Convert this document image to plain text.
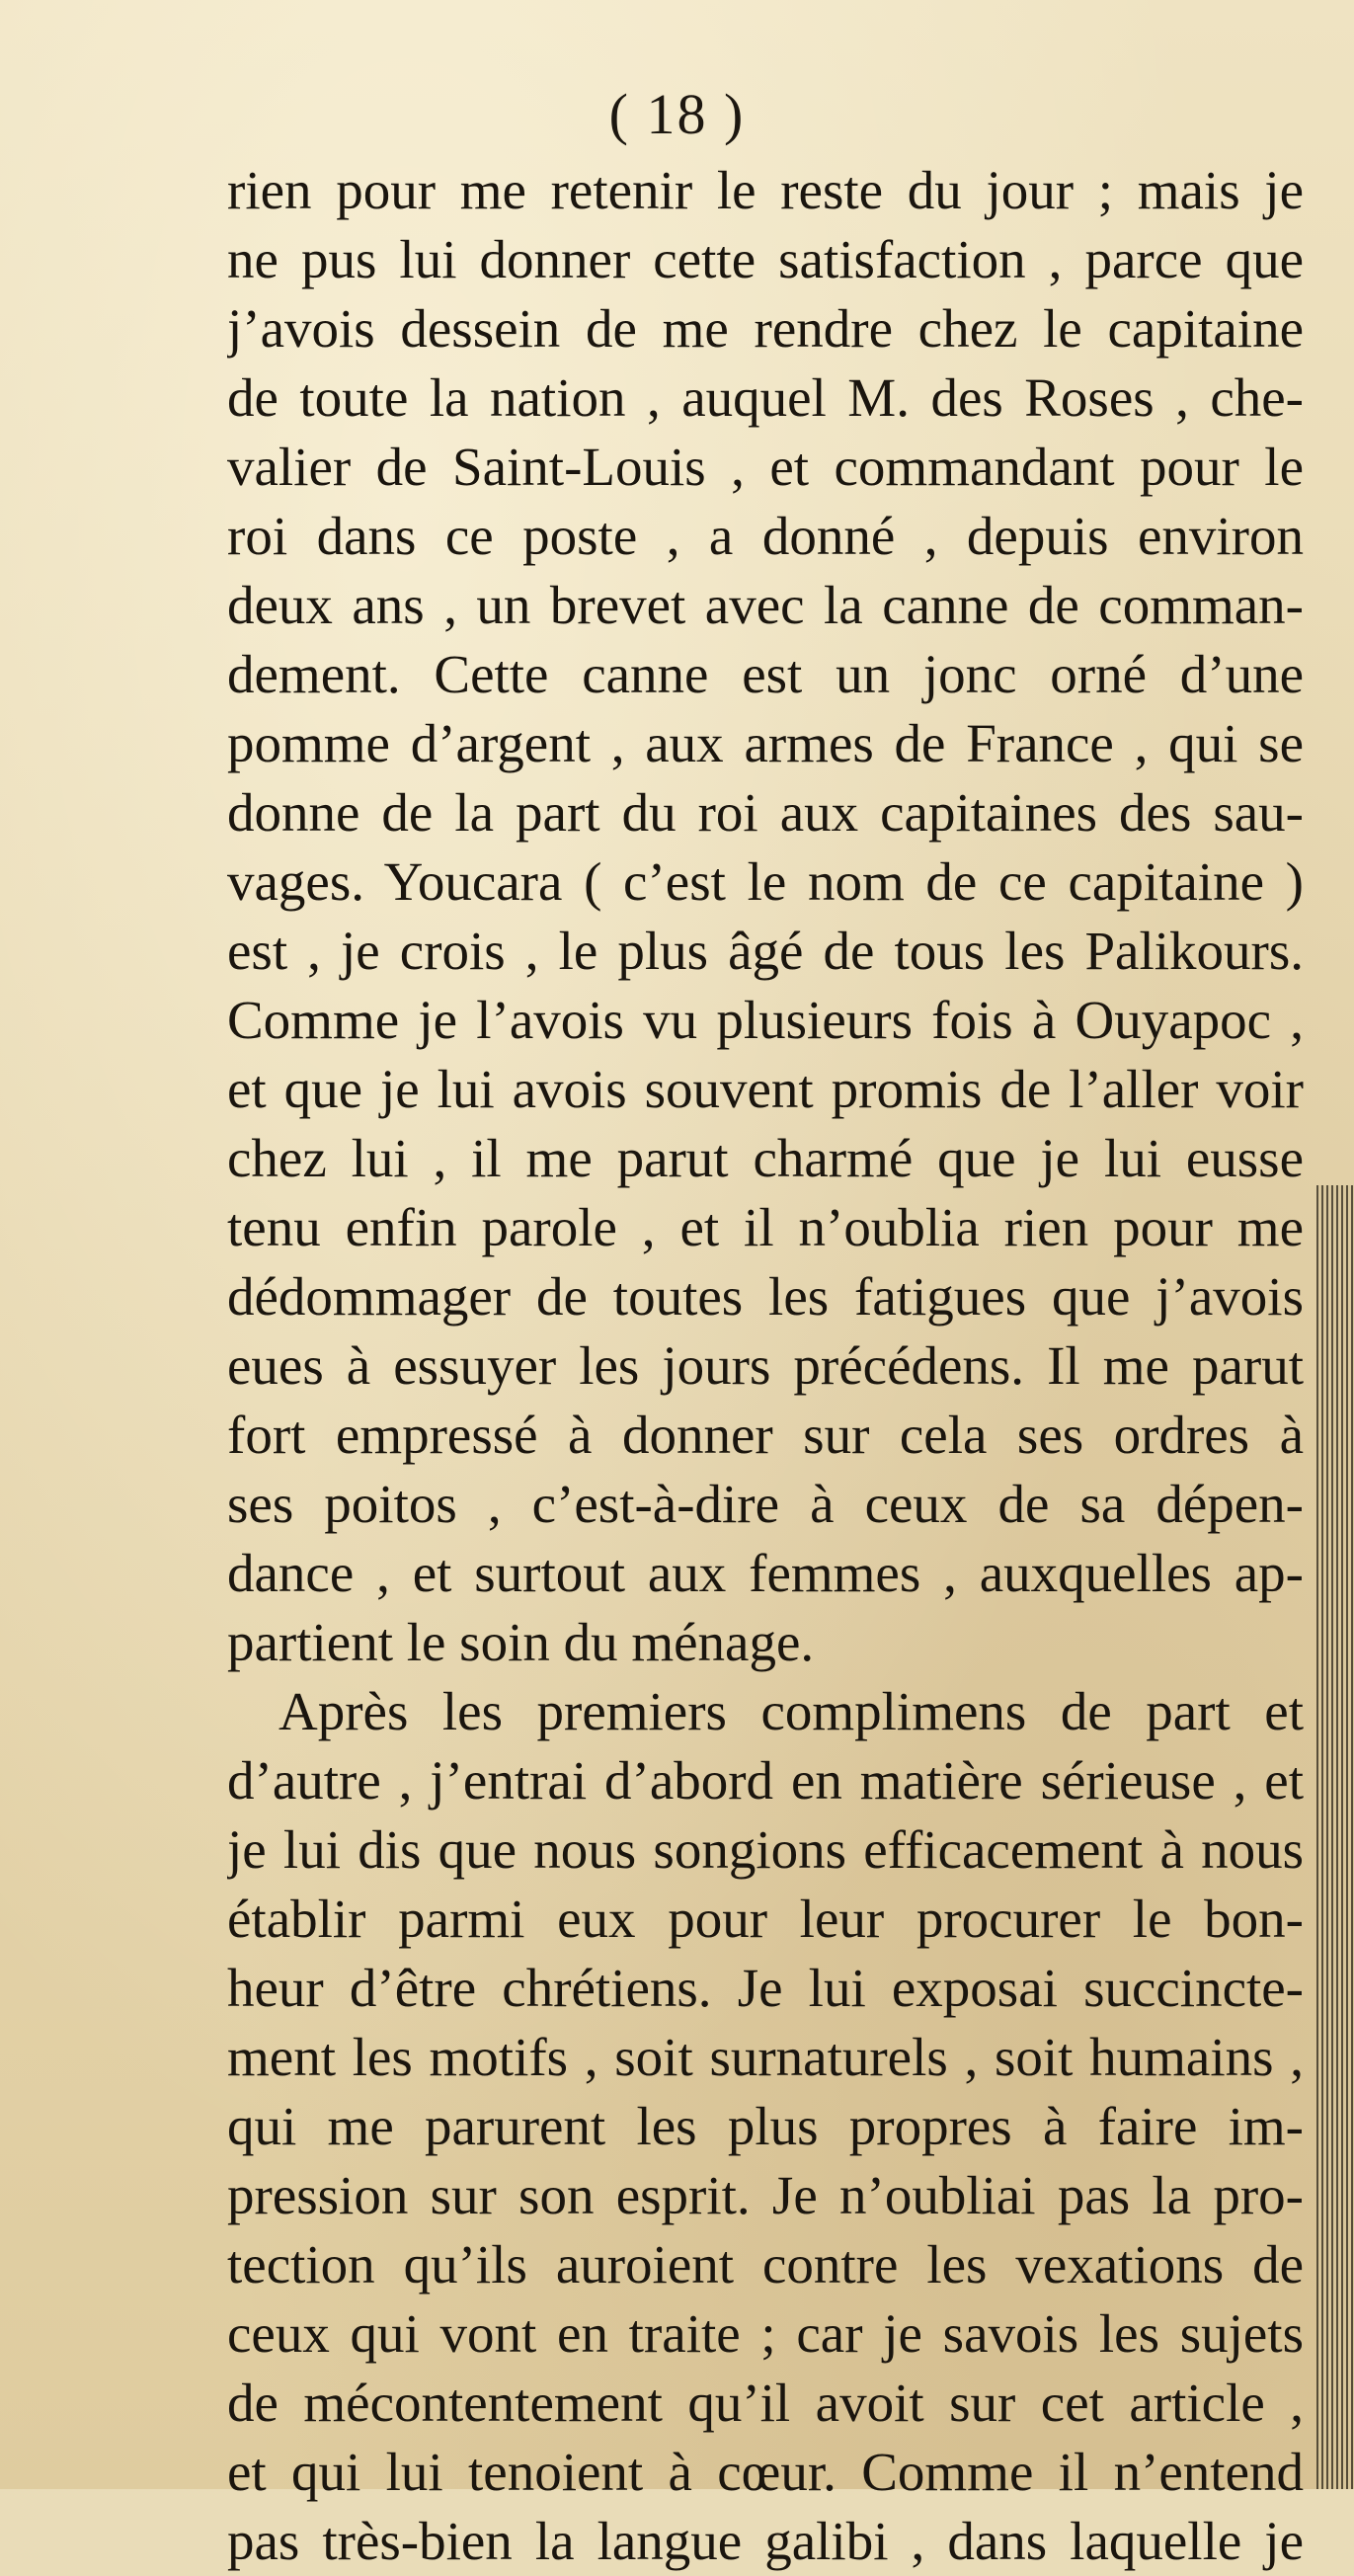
( 18 )
rien pour me retenir le reste du jour ; mais je
ne pus lui donner cette satisfaction , parce que
j’avois dessein de me rendre chez le capitaine
de toute la nation , auquel M. des Roses , che-
valier de Saint-Louis , et commandant pour le
roi dans ce poste , a donné , depuis environ
deux ans , un brevet avec la canne de comman-
dement. Cette canne est un jonc orné d’une
pomme d’argent , aux armes de France , qui se
donne de la part du roi aux capitaines des sau-
vages. Youcara ( c’est le nom de ce capitaine )
est , je crois , le plus âgé de tous les Palikours.
Comme je l’avois vu plusieurs fois à Ouyapoc ,
et que je lui avois souvent promis de l’aller voir
chez lui , il me parut charmé que je lui eusse
tenu enfin parole , et il n’oublia rien pour me
dédommager de toutes les fatigues que j’avois
eues à essuyer les jours précédens. Il me parut
fort empressé à donner sur cela ses ordres à
ses poitos , c’est-à-dire à ceux de sa dépen-
dance , et surtout aux femmes , auxquelles ap-
partient le soin du ménage.
Après les premiers complimens de part et
d’autre , j’entrai d’abord en matière sérieuse , et
je lui dis que nous songions efficacement à nous
établir parmi eux pour leur procurer le bon-
heur d’être chrétiens. Je lui exposai succincte-
ment les motifs , soit surnaturels , soit humains ,
qui me parurent les plus propres à faire im-
pression sur son esprit. Je n’oubliai pas la pro-
tection qu’ils auroient contre les vexations de
ceux qui vont en traite ; car je savois les sujets
de mécontentement qu’il avoit sur cet article ,
et qui lui tenoient à cœur. Comme il n’entend
pas très-bien la langue galibi , dans laquelle je
